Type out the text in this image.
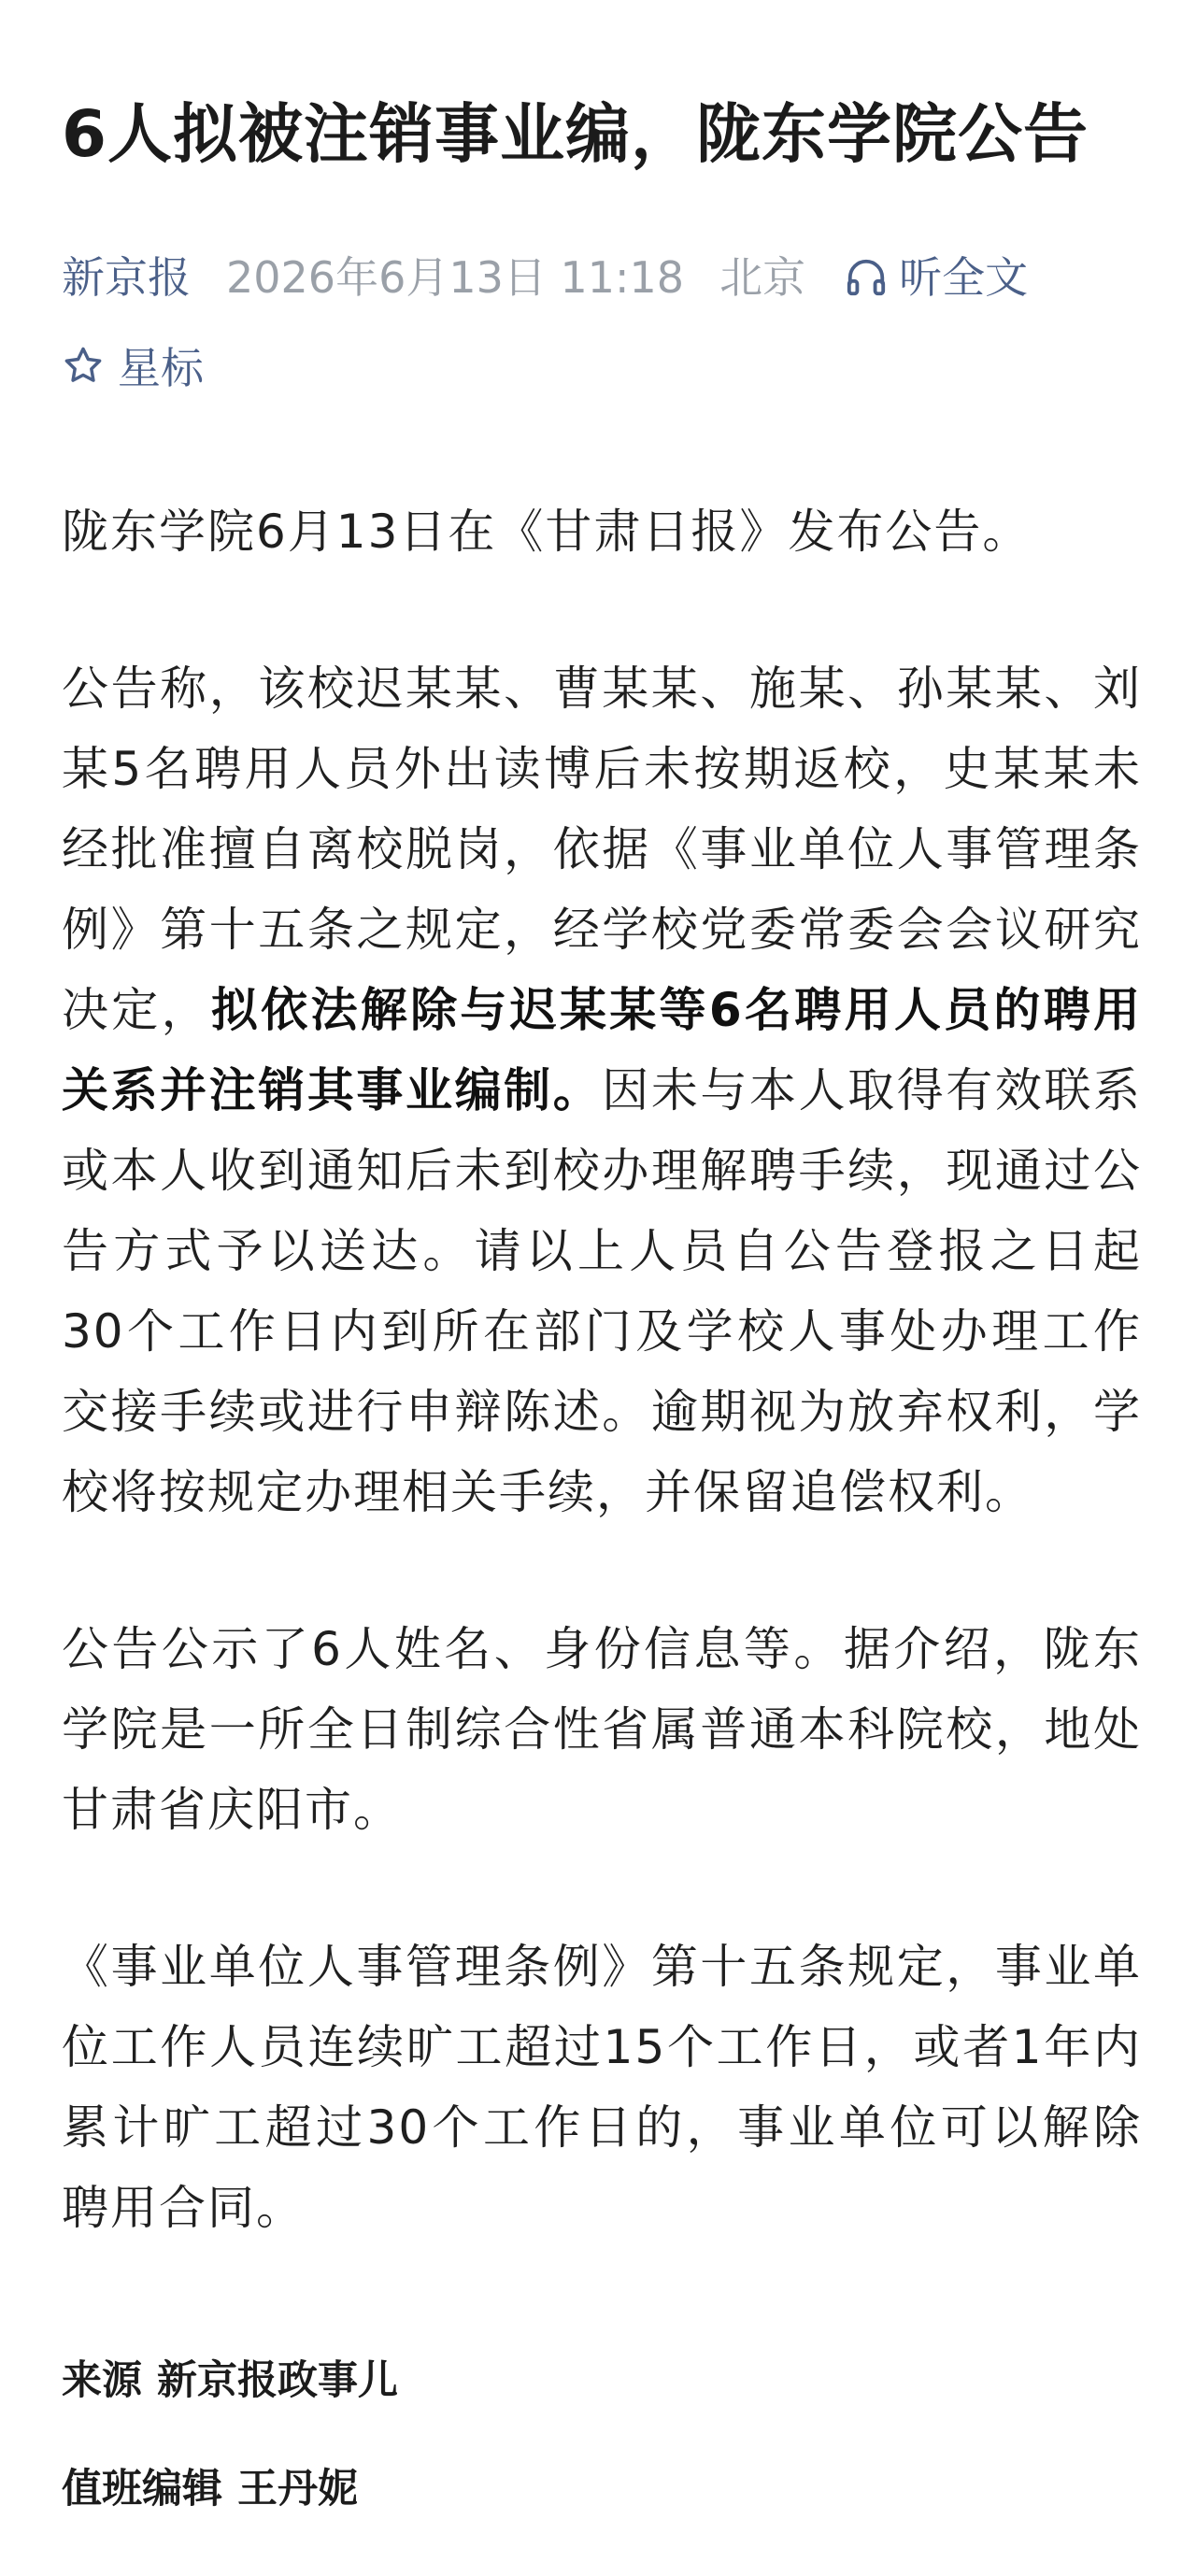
6人拟被注销事业编，陇东学院公告
新京报 2026年6月13日 11:18 北京 听全文
星标

陇东学院6月13日在《甘肃日报》发布公告。

公告称，该校迟某某、曹某某、施某、孙某某、刘某5名聘用人员外出读博后未按期返校，史某某未经批准擅自离校脱岗，依据《事业单位人事管理条例》第十五条之规定，经学校党委常委会会议研究决定，拟依法解除与迟某某等6名聘用人员的聘用关系并注销其事业编制。因未与本人取得有效联系或本人收到通知后未到校办理解聘手续，现通过公告方式予以送达。请以上人员自公告登报之日起30个工作日内到所在部门及学校人事处办理工作交接手续或进行申辩陈述。逾期视为放弃权利，学校将按规定办理相关手续，并保留追偿权利。

公告公示了6人姓名、身份信息等。据介绍，陇东学院是一所全日制综合性省属普通本科院校，地处甘肃省庆阳市。

《事业单位人事管理条例》第十五条规定，事业单位工作人员连续旷工超过15个工作日，或者1年内累计旷工超过30个工作日的，事业单位可以解除聘用合同。

来源 新京报政事儿
值班编辑 王丹妮
